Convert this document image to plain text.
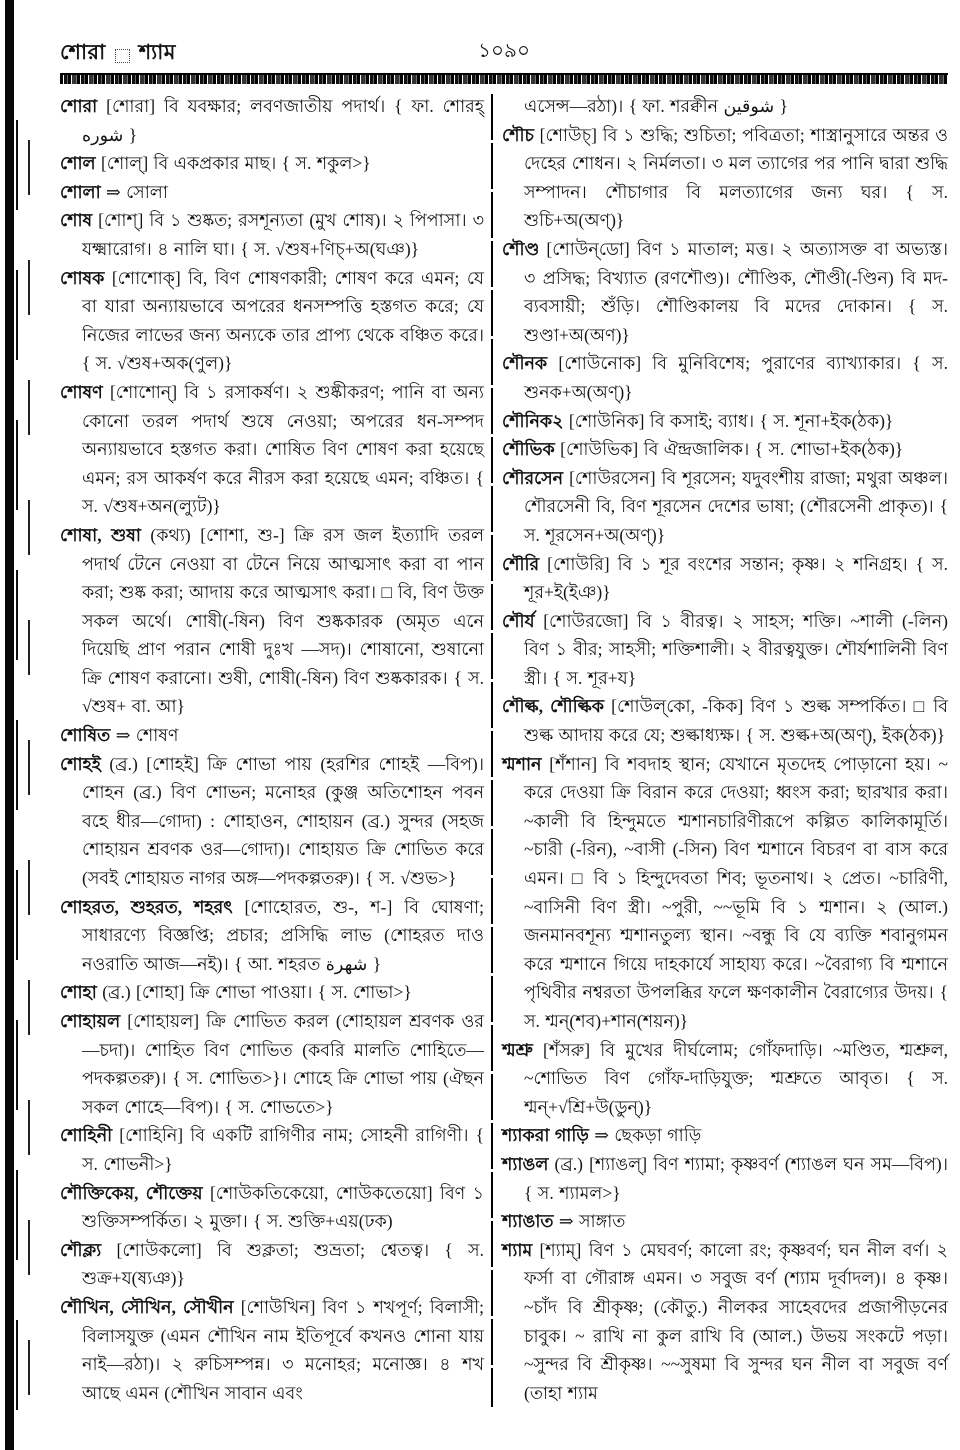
শোরা শ্যাম	১০৯০

শোরা [শোরা] বি যবক্ষার; লবণজাতীয় পদার্থ। { ফা. শোরহ্‌ شوره }

শোল [শোল্] বি একপ্রকার মাছ। { স. শকুল>}

শোলা ⇒ সোলা

শোষ [শোশ্] বি ১ শুষ্কত; রসশূন্যতা (মুখ শোষ)। ২ পিপাসা। ৩ যক্ষ্মারোগ। ৪ নালি ঘা। { স. √শুষ+ণিচ্+অ(ঘঞ)}

শোষক [শোশোক্] বি, বিণ শোষণকারী; শোষণ করে এমন; যে বা যারা অন্যায়ভাবে অপরের ধনসম্পত্তি হস্তগত করে; যে নিজের লাভের জন্য অন্যকে তার প্রাপ্য থেকে বঞ্চিত করে। { স. √শুষ+অক(ণুল)}

শোষণ [শোশোন্] বি ১ রসাকর্ষণ। ২ শুষ্কীকরণ; পানি বা অন্য কোনো তরল পদার্থ শুষে নেওয়া; অপরের ধন-সম্পদ অন্যায়ভাবে হস্তগত করা। শোষিত বিণ শোষণ করা হয়েছে এমন; রস আকর্ষণ করে নীরস করা হয়েছে এমন; বঞ্চিত। { স. √শুষ+অন(ল্যুট)}

শোষা, শুষা (কথ্য) [শোশা, শু-] ক্রি রস জল ইত্যাদি তরল পদার্থ টেনে নেওয়া বা টেনে নিয়ে আত্মসাৎ করা বা পান করা; শুষ্ক করা; আদায় করে আত্মসাৎ করা। □ বি, বিণ উক্ত সকল অর্থে। শোষী(-ষিন) বিণ শুষ্ককারক (অমৃত এনে দিয়েছি প্রাণ পরান শোষী দুঃখ —সদ)। শোষানো, শুষানো ক্রি শোষণ করানো। শুষী, শোষী(-ষিন) বিণ শুষ্ককারক। { স. √শুষ+ বা. আ}

শোষিত ⇒ শোষণ

শোহই (ব্র.) [শোহই] ক্রি শোভা পায় (হরশির শোহই —বিপ)। শোহন (ব্র.) বিণ শোভন; মনোহর (কুঞ্জ অতিশোহন পবন বহে ধীর—গোদা) : শোহাওন, শোহায়ন (ব্র.) সুন্দর (সহজ শোহায়ন শ্রবণক ওর—গোদা)। শোহায়ত ক্রি শোভিত করে (সবই শোহায়ত নাগর অঙ্গ—পদকল্পতরু)। { স. √শুভ>}

শোহরত, শুহরত, শহরৎ [শোহোরত, শু-, শ-] বি ঘোষণা; সাধারণ্যে বিজ্ঞপ্তি; প্রচার; প্রসিদ্ধি লাভ (শোহরত দাও নওরাতি আজ—নই)। { আ. শহরত شهرة }

শোহা (ব্র.) [শোহা] ক্রি শোভা পাওয়া। { স. শোভা>}

শোহায়ল [শোহায়ল] ক্রি শোভিত করল (শোহায়ল শ্রবণক ওর—চদা)। শোহিত বিণ শোভিত (কবরি মালতি শোহিতে—পদকল্পতরু)। { স. শোভিত>}। শোহে ক্রি শোভা পায় (ঐছন সকল শোহে—বিপ)। { স. শোভতে>}

শোহিনী [শোহিনি] বি একটি রাগিণীর নাম; সোহনী রাগিণী। { স. শোভনী>}

শৌক্তিকেয়, শৌক্তেয় [শোউকতিকেয়ো, শোউকতেয়ো] বিণ ১ শুক্তিসম্পর্কিত। ২ মুক্তা। { স. শুক্তি+এয়(ঢক)

শৌক্ল্য [শোউকলো] বি শুক্লতা; শুভ্রতা; শ্বেতত্ব। { স. শুক্র+য(ষ্যঞ)}

শৌখিন, সৌখিন, সৌখীন [শোউখিন] বিণ ১ শখপূর্ণ; বিলাসী; বিলাসযুক্ত (এমন শৌখিন নাম ইতিপূর্বে কখনও শোনা যায় নাই—রঠা)। ২ রুচিসম্পন্ন। ৩ মনোহর; মনোজ্ঞ। ৪ শখ আছে এমন (শৌখিন সাবান এবং

এসেন্স—রঠা)। { ফা. শরক্বীন شوقين }

শৌচ [শোউচ্] বি ১ শুদ্ধি; শুচিতা; পবিত্রতা; শাস্ত্রানুসারে অন্তর ও দেহের শোধন। ২ নির্মলতা। ৩ মল ত্যাগের পর পানি দ্বারা শুদ্ধি সম্পাদন। শৌচাগার বি মলত্যাগের জন্য ঘর। { স. শুচি+অ(অণ্)}

শৌণ্ড [শোউন্‌ডো] বিণ ১ মাতাল; মত্ত। ২ অত্যাসক্ত বা অভ্যস্ত। ৩ প্রসিদ্ধ; বিখ্যাত (রণশৌণ্ড)। শৌণ্ডিক, শৌণ্ডী(-ণ্ডিন) বি মদ-ব্যবসায়ী; শুঁড়ি। শৌণ্ডিকালয় বি মদের দোকান। { স. শুণ্ডা+অ(অণ)}

শৌনক [শোউনোক] বি মুনিবিশেষ; পুরাণের ব্যাখ্যাকার। { স. শুনক+অ(অণ্)}

শৌনিক২ [শোউনিক] বি কসাই; ব্যাধ। { স. শূনা+ইক(ঠক)}

শৌভিক [শোউভিক] বি ঐন্দ্রজালিক। { স. শোভা+ইক(ঠক)}

শৌরসেন [শোউরসেন] বি শূরসেন; যদুবংশীয় রাজা; মথুরা অঞ্চল। শৌরসেনী বি, বিণ শূরসেন দেশের ভাষা; (শৌরসেনী প্রাকৃত)। { স. শূরসেন+অ(অণ্)}

শৌরি [শোউরি] বি ১ শূর বংশের সন্তান; কৃষ্ণ। ২ শনিগ্রহ। { স. শূর+ই(ইঞ)}

শৌর্য [শোউরজো] বি ১ বীরত্ব। ২ সাহস; শক্তি। ~শালী (-লিন) বিণ ১ বীর; সাহসী; শক্তিশালী। ২ বীরত্বযুক্ত। শৌর্যশালিনী বিণ স্ত্রী। { স. শূর+য}

শৌল্ক, শৌল্কিক [শোউল্‌কো, -কিক] বিণ ১ শুল্ক সম্পর্কিত। □ বি শুল্ক আদায় করে যে; শুল্কাধ্যক্ষ। { স. শুল্ক+অ(অণ্), ইক(ঠক)}

শ্মশান [শঁশান] বি শবদাহ স্থান; যেখানে মৃতদেহ পোড়ানো হয়। ~ করে দেওয়া ক্রি বিরান করে দেওয়া; ধ্বংস করা; ছারখার করা। ~কালী বি হিন্দুমতে শ্মশানচারিণীরূপে কল্পিত কালিকামূর্তি। ~চারী (-রিন), ~বাসী (-সিন) বিণ শ্মশানে বিচরণ বা বাস করে এমন। □ বি ১ হিন্দুদেবতা শিব; ভূতনাথ। ২ প্রেত। ~চারিণী, ~বাসিনী বিণ স্ত্রী। ~পুরী, ~~ভূমি বি ১ শ্মশান। ২ (আল.) জনমানবশূন্য শ্মশানতুল্য স্থান। ~বন্ধু বি যে ব্যক্তি শবানুগমন করে শ্মশানে গিয়ে দাহকার্যে সাহায্য করে। ~বৈরাগ্য বি শ্মশানে পৃথিবীর নশ্বরতা উপলব্ধির ফলে ক্ষণকালীন বৈরাগ্যের উদয়। { স. শ্মন্(শব)+শান(শয়ন)}

শ্মশ্রু [শঁসরু] বি মুখের দীর্ঘলোম; গোঁফদাড়ি। ~মণ্ডিত, শ্মশ্রুল, ~শোভিত বিণ গোঁফ-দাড়িযুক্ত; শ্মশ্রুতে আবৃত। { স. শ্মন্+√শ্রি+উ(ডুন্)}

শ্যাকরা গাড়ি ⇒ ছেকড়া গাড়ি

শ্যাঙল (ব্র.) [শ্যাঙল্] বিণ শ্যামা; কৃষ্ণবর্ণ (শ্যাঙল ঘন সম—বিপ)। { স. শ্যামল>}

শ্যাঙাত ⇒ সাঙ্গাত

শ্যাম [শ্যাম্] বিণ ১ মেঘবর্ণ; কালো রং; কৃষ্ণবর্ণ; ঘন নীল বর্ণ। ২ ফর্সা বা গৌরাঙ্গ এমন। ৩ সবুজ বর্ণ (শ্যাম দূর্বাদল)। ৪ কৃষ্ণ। ~চাঁদ বি শ্রীকৃষ্ণ; (কৌতু.) নীলকর সাহেবদের প্রজাপীড়নের চাবুক। ~ রাখি না কুল রাখি বি (আল.) উভয় সংকটে পড়া। ~সুন্দর বি শ্রীকৃষ্ণ। ~~সুষমা বি সুন্দর ঘন নীল বা সবুজ বর্ণ (তাহা শ্যাম
